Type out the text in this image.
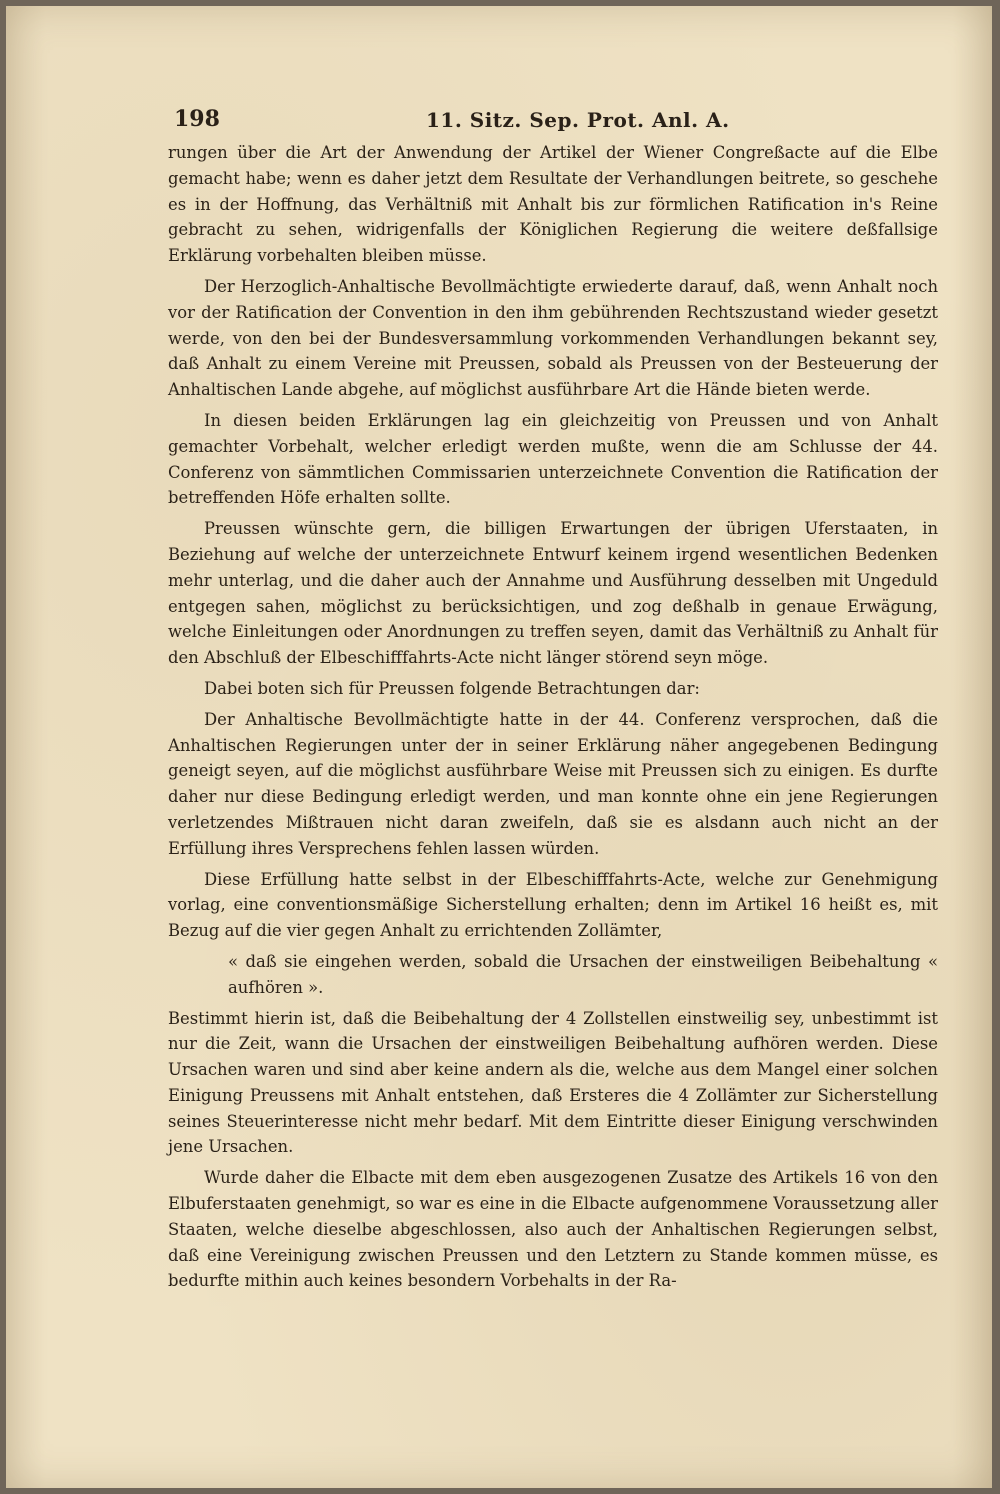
198	11. Sitz. Sep. Prot. Anl. A.

rungen über die Art der Anwendung der Artikel der Wiener Congreßacte auf die Elbe gemacht habe; wenn es daher jetzt dem Resultate der Verhandlungen beitrete, so geschehe es in der Hoffnung, das Verhältniß mit Anhalt bis zur förmlichen Ratification in's Reine gebracht zu sehen, widrigenfalls der Königlichen Regierung die weitere deßfallsige Erklärung vorbehalten bleiben müsse.

Der Herzoglich-Anhaltische Bevollmächtigte erwiederte darauf, daß, wenn Anhalt noch vor der Ratification der Convention in den ihm gebührenden Rechtszustand wieder gesetzt werde, von den bei der Bundesversammlung vorkommenden Verhandlungen bekannt sey, daß Anhalt zu einem Vereine mit Preussen, sobald als Preussen von der Besteuerung der Anhaltischen Lande abgehe, auf möglichst ausführbare Art die Hände bieten werde.

In diesen beiden Erklärungen lag ein gleichzeitig von Preussen und von Anhalt gemachter Vorbehalt, welcher erledigt werden mußte, wenn die am Schlusse der 44. Conferenz von sämmtlichen Commissarien unterzeichnete Convention die Ratification der betreffenden Höfe erhalten sollte.

Preussen wünschte gern, die billigen Erwartungen der übrigen Uferstaaten, in Beziehung auf welche der unterzeichnete Entwurf keinem irgend wesentlichen Bedenken mehr unterlag, und die daher auch der Annahme und Ausführung desselben mit Ungeduld entgegen sahen, möglichst zu berücksichtigen, und zog deßhalb in genaue Erwägung, welche Einleitungen oder Anordnungen zu treffen seyen, damit das Verhältniß zu Anhalt für den Abschluß der Elbeschifffahrts-Acte nicht länger störend seyn möge.

Dabei boten sich für Preussen folgende Betrachtungen dar:

Der Anhaltische Bevollmächtigte hatte in der 44. Conferenz versprochen, daß die Anhaltischen Regierungen unter der in seiner Erklärung näher angegebenen Bedingung geneigt seyen, auf die möglichst ausführbare Weise mit Preussen sich zu einigen. Es durfte daher nur diese Bedingung erledigt werden, und man konnte ohne ein jene Regierungen verletzendes Mißtrauen nicht daran zweifeln, daß sie es alsdann auch nicht an der Erfüllung ihres Versprechens fehlen lassen würden.

Diese Erfüllung hatte selbst in der Elbeschifffahrts-Acte, welche zur Genehmigung vorlag, eine conventionsmäßige Sicherstellung erhalten; denn im Artikel 16 heißt es, mit Bezug auf die vier gegen Anhalt zu errichtenden Zollämter,

« daß sie eingehen werden, sobald die Ursachen der einstweiligen Beibehaltung « aufhören ».

Bestimmt hierin ist, daß die Beibehaltung der 4 Zollstellen einstweilig sey, unbestimmt ist nur die Zeit, wann die Ursachen der einstweiligen Beibehaltung aufhören werden. Diese Ursachen waren und sind aber keine andern als die, welche aus dem Mangel einer solchen Einigung Preussens mit Anhalt entstehen, daß Ersteres die 4 Zollämter zur Sicherstellung seines Steuerinteresse nicht mehr bedarf. Mit dem Eintritte dieser Einigung verschwinden jene Ursachen.

Wurde daher die Elbacte mit dem eben ausgezogenen Zusatze des Artikels 16 von den Elbuferstaaten genehmigt, so war es eine in die Elbacte aufgenommene Voraussetzung aller Staaten, welche dieselbe abgeschlossen, also auch der Anhaltischen Regierungen selbst, daß eine Vereinigung zwischen Preussen und den Letztern zu Stande kommen müsse, es bedurfte mithin auch keines besondern Vorbehalts in der Ra-
